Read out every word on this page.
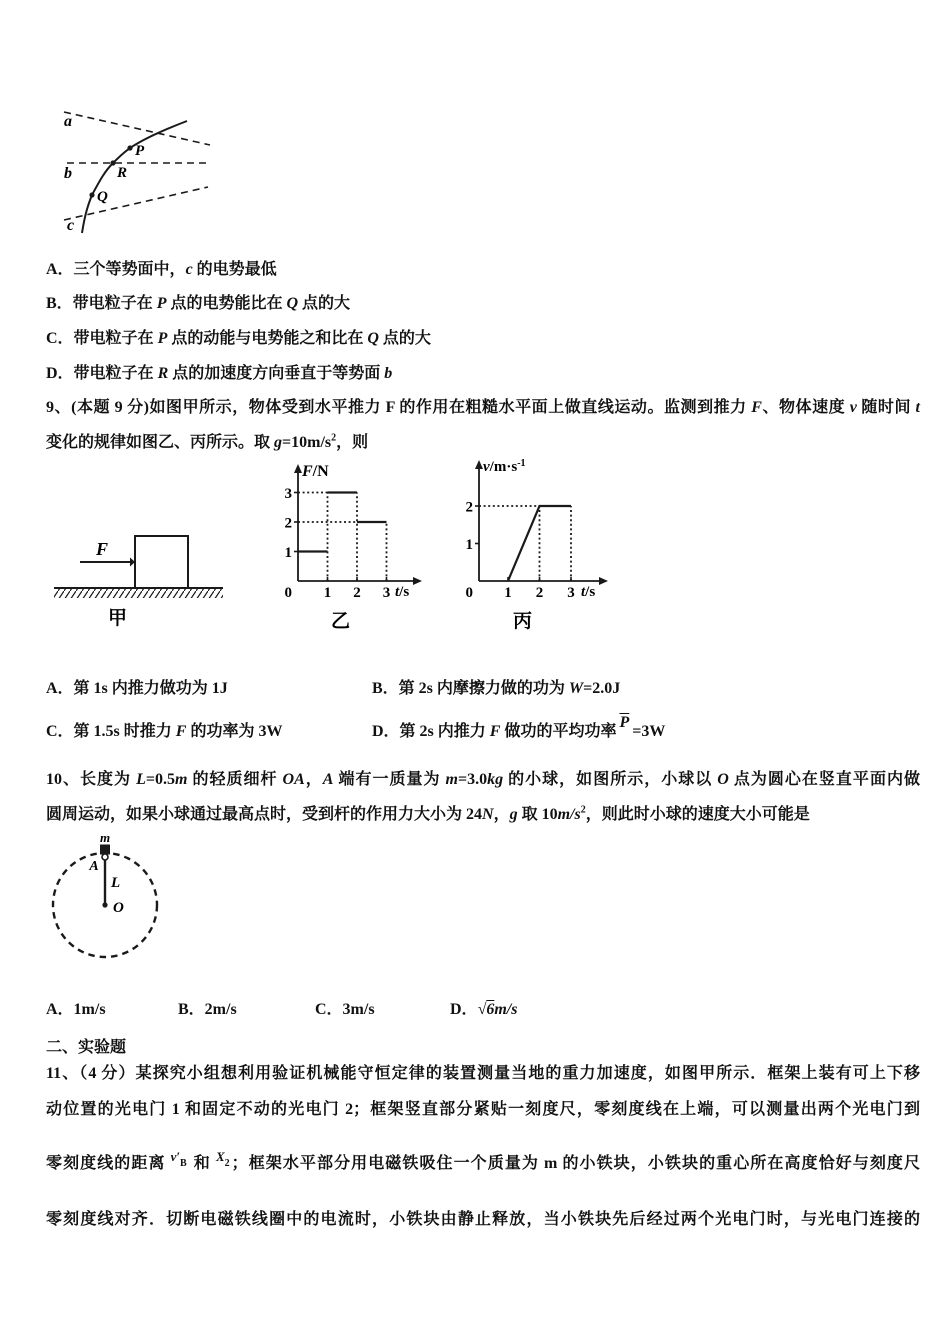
a
b
c
P
R
Q
A．三个等势面中，c 的电势最低
B．带电粒子在 P 点的电势能比在 Q 点的大
C．带电粒子在 P 点的动能与电势能之和比在 Q 点的大
D．带电粒子在 R 点的加速度方向垂直于等势面 b
9、(本题 9 分)如图甲所示，物体受到水平推力 F 的作用在粗糙水平面上做直线运动。监测到推力 F、物体速度 v 随时间 t
变化的规律如图乙、丙所示。取 $g=10m/s^2$，则
F
甲
3
2
1
0 1 2 3 t/s
F/N
乙
2
1
0 1 2 3 t/s
$v/m\cdot s^{-1}$
丙
A．第 1s 内推力做功为 1J	B．第 2s 内摩擦力做的功为 W=2.0J
C．第 1.5s 时推力 F 的功率为 3W	D．第 2s 内推力 F 做功的平均功率$\overline{P}=3W$
10、长度为 L=0.5m 的轻质细杆 OA，A 端有一质量为 m=3.0kg 的小球，如图所示，小球以 O 点为圆心在竖直平面内做
圆周运动，如果小球通过最高点时，受到杆的作用力大小为 24N，g 取 $10m/s^2$，则此时小球的速度大小可能是
m
A
L
O
A．1m/s	B．2m/s	C．3m/s	D．√6m/s
二、实验题
11、（4 分）某探究小组想利用验证机械能守恒定律的装置测量当地的重力加速度，如图甲所示．框架上装有可上下移
动位置的光电门 1 和固定不动的光电门 2；框架竖直部分紧贴一刻度尺，零刻度线在上端，可以测量出两个光电门到
零刻度线的距离 v′B 和 X2 ；框架水平部分用电磁铁吸住一个质量为 m 的小铁块，小铁块的重心所在高度恰好与刻度尺
零刻度线对齐．切断电磁铁线圈中的电流时，小铁块由静止释放，当小铁块先后经过两个光电门时，与光电门连接的
